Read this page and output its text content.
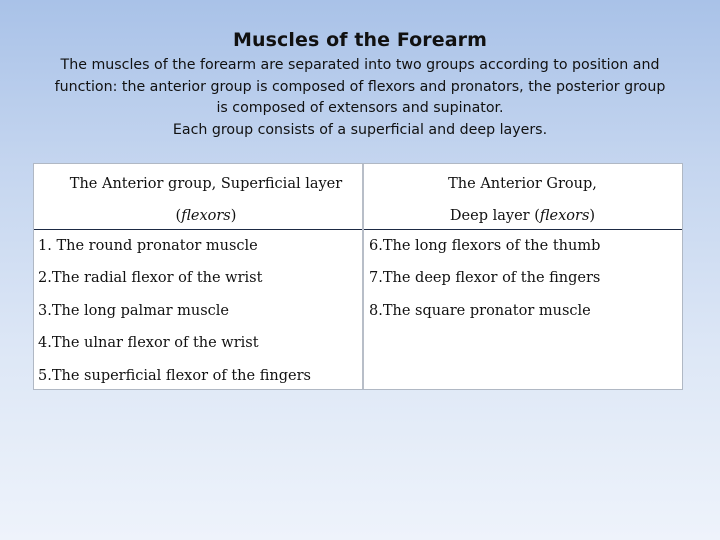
Muscles of the Forearm
The muscles of the forearm are separated into two groups according to position and
function: the anterior group is composed of flexors and pronators, the posterior group
is composed of extensors and supinator.
Each group consists of a superficial and deep layers.
The Anterior group, Superficial layer
(flexors)
The Anterior Group,
Deep layer (flexors)
1. The round pronator muscle
2.The radial flexor of the wrist
3.The long palmar muscle
4.The ulnar flexor of the wrist
5.The superficial flexor of the fingers
6.The long flexors of the thumb
7.The deep flexor of the fingers
8.The square pronator muscle
